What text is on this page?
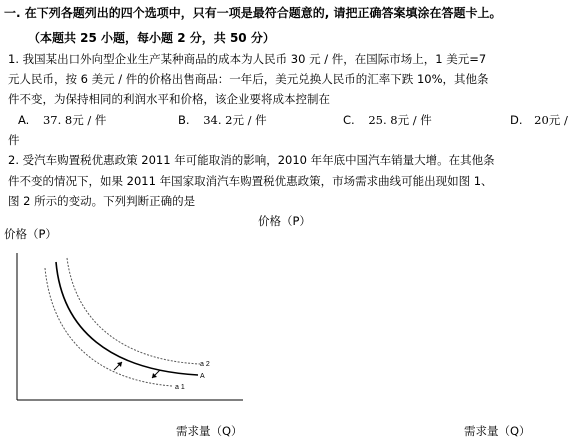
一. 在下列各题列出的四个选项中，只有一项是最符合题意的, 请把正确答案填涂在答题卡上。
（本题共 25 小题，每小题 2 分，共 50 分）
1. 我国某出口外向型企业生产某种商品的成本为人民币 30 元 / 件，在国际市场上，1 美元=7
元人民币，按 6 美元 / 件的价格出售商品：一年后，美元兑换人民币的汇率下跌 10%，其他条
件不变，为保持相同的利润水平和价格，该企业要将成本控制在
A. 37. 8元 / 件	B. 34. 2元 / 件	C. 25. 8元 / 件	D. 20元 /
件
2. 受汽车购置税优惠政策 2011 年可能取消的影响，2010 年年底中国汽车销量大增。在其他条
件不变的情况下，如果 2011 年国家取消汽车购置税优惠政策，市场需求曲线可能出现如图 1、
图 2 所示的变动。下列判断正确的是
价格（P）
价格（P）
需求量（Q）	需求量（Q）
a 2
A
a 1
